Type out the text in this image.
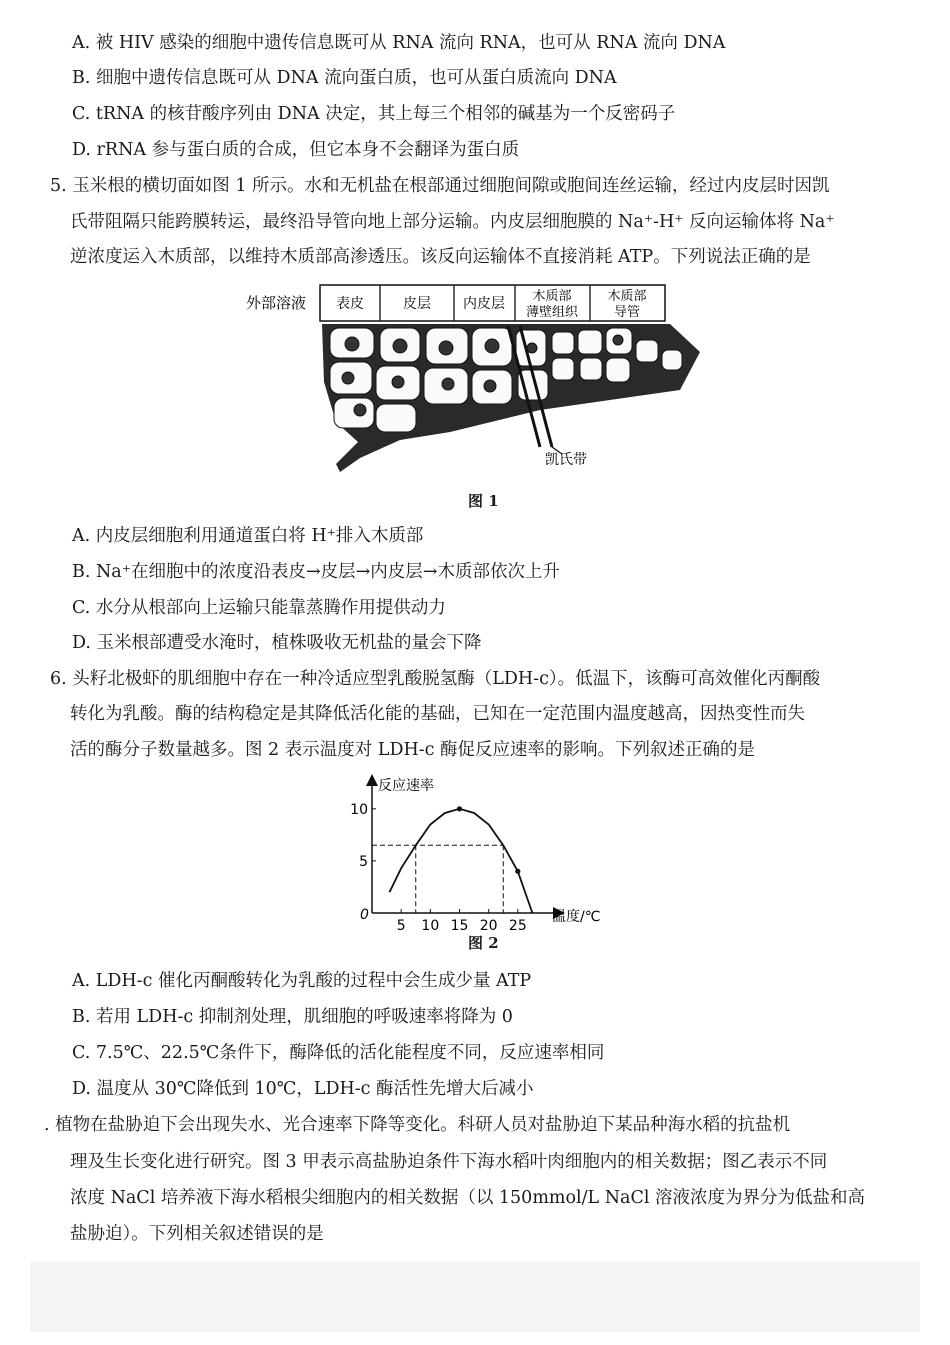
A. 被 HIV 感染的细胞中遗传信息既可从 RNA 流向 RNA，也可从 RNA 流向 DNA
B. 细胞中遗传信息既可从 DNA 流向蛋白质，也可从蛋白质流向 DNA
C. tRNA 的核苷酸序列由 DNA 决定，其上每三个相邻的碱基为一个反密码子
D. rRNA 参与蛋白质的合成，但它本身不会翻译为蛋白质
5. 玉米根的横切面如图 1 所示。水和无机盐在根部通过细胞间隙或胞间连丝运输，经过内皮层时因凯
氏带阻隔只能跨膜转运，最终沿导管向地上部分运输。内皮层细胞膜的 Na⁺-H⁺ 反向运输体将 Na⁺
逆浓度运入木质部，以维持木质部高渗透压。该反向运输体不直接消耗 ATP。下列说法正确的是
外部溶液 表皮	皮层 内皮层 木质部
薄壁组织
木质部
导管
凯氏带
图 1
A. 内皮层细胞利用通道蛋白将 H⁺排入木质部
B. Na⁺在细胞中的浓度沿表皮→皮层→内皮层→木质部依次上升
C. 水分从根部向上运输只能靠蒸腾作用提供动力
D. 玉米根部遭受水淹时，植株吸收无机盐的量会下降
6. 头籽北极虾的肌细胞中存在一种冷适应型乳酸脱氢酶（LDH-c）。低温下，该酶可高效催化丙酮酸
转化为乳酸。酶的结构稳定是其降低活化能的基础，已知在一定范围内温度越高，因热变性而失
活的酶分子数量越多。图 2 表示温度对 LDH-c 酶促反应速率的影响。下列叙述正确的是
反应速率
温度/℃
0
5 10 15 20 25
5
10
图 2
A. LDH-c 催化丙酮酸转化为乳酸的过程中会生成少量 ATP
B. 若用 LDH-c 抑制剂处理，肌细胞的呼吸速率将降为 0
C. 7.5℃、22.5℃条件下，酶降低的活化能程度不同，反应速率相同
D. 温度从 30℃降低到 10℃，LDH-c 酶活性先增大后减小
. 植物在盐胁迫下会出现失水、光合速率下降等变化。科研人员对盐胁迫下某品种海水稻的抗盐机
理及生长变化进行研究。图 3 甲表示高盐胁迫条件下海水稻叶肉细胞内的相关数据；图乙表示不同
浓度 NaCl 培养液下海水稻根尖细胞内的相关数据（以 150mmol/L NaCl 溶液浓度为界分为低盐和高
盐胁迫）。下列相关叙述错误的是
